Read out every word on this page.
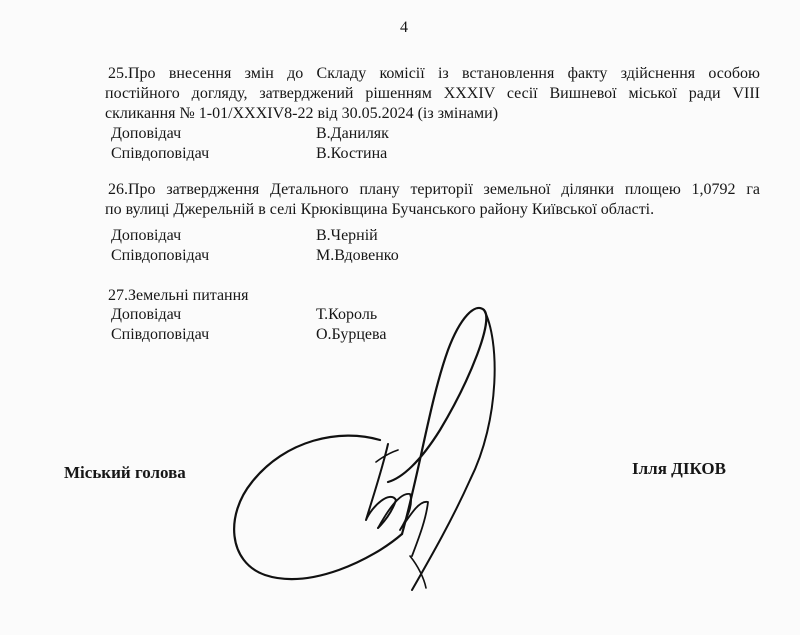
4
25.Про внесення змін до Складу комісії із встановлення факту здійснення особою
постійного догляду, затверджений рішенням XXXIV сесії Вишневої міської ради VIII
скликання № 1-01/XXXIV8-22 від 30.05.2024 (із змінами)
Доповідач	В.Даниляк
Співдоповідач	В.Костина
26.Про затвердження Детального плану території земельної ділянки площею 1,0792 га
по вулиці Джерельній в селі Крюківщина Бучанського району Київської області.
Доповідач	В.Черній
Співдоповідач	М.Вдовенко
27.Земельні питання
Доповідач	Т.Король
Співдоповідач	О.Бурцева
Міський голова	Ілля ДІКОВ
